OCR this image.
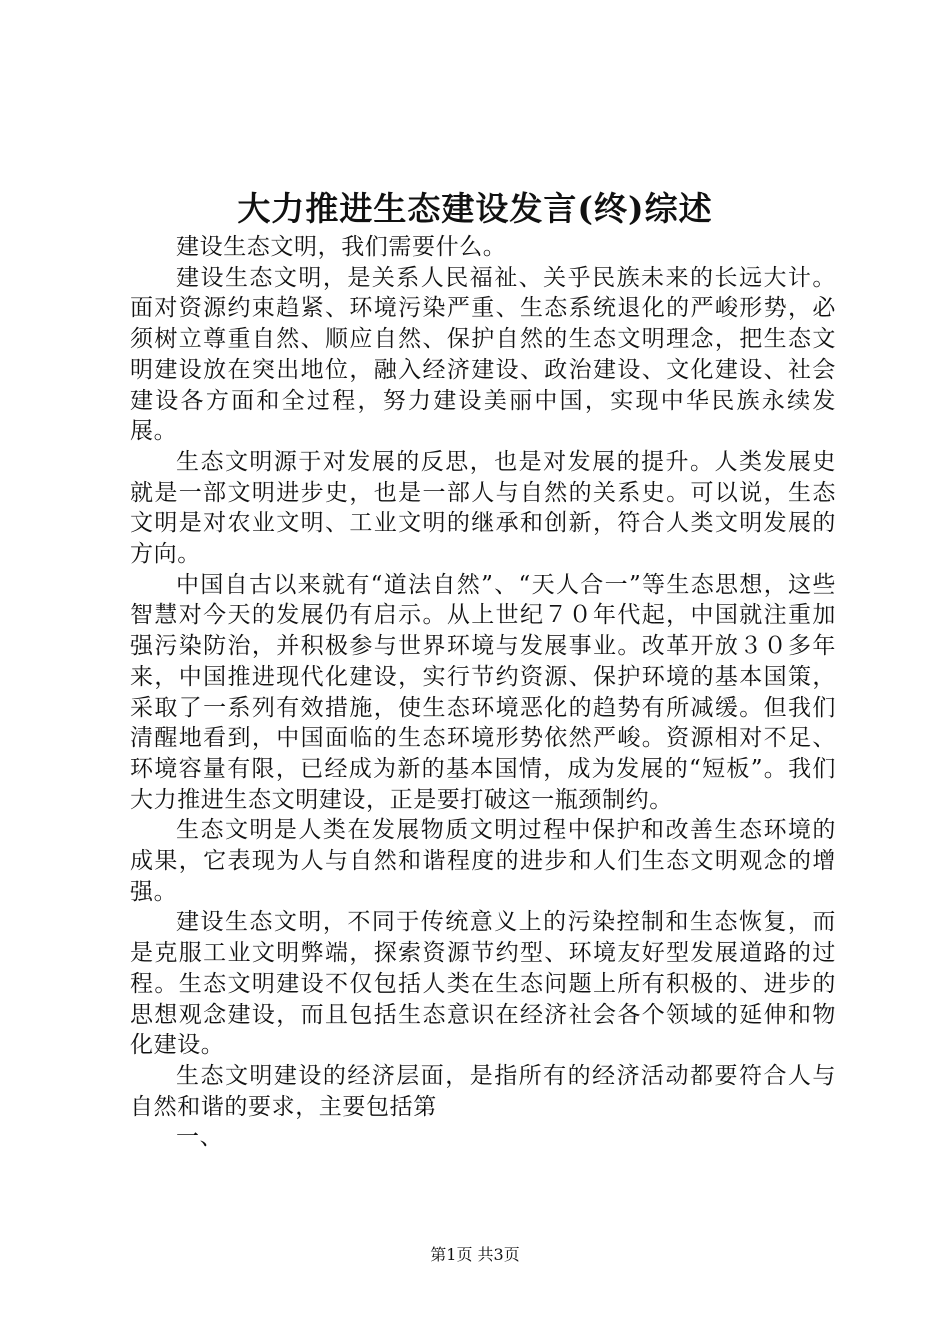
大力推进生态建设发言(终)综述

建设生态文明，我们需要什么。

建设生态文明，是关系人民福祉、关乎民族未来的长远大计。面对资源约束趋紧、环境污染严重、生态系统退化的严峻形势，必须树立尊重自然、顺应自然、保护自然的生态文明理念，把生态文明建设放在突出地位，融入经济建设、政治建设、文化建设、社会建设各方面和全过程，努力建设美丽中国，实现中华民族永续发展。

生态文明源于对发展的反思，也是对发展的提升。人类发展史就是一部文明进步史，也是一部人与自然的关系史。可以说，生态文明是对农业文明、工业文明的继承和创新，符合人类文明发展的方向。

中国自古以来就有“道法自然”、“天人合一”等生态思想，这些智慧对今天的发展仍有启示。从上世纪７０年代起，中国就注重加强污染防治，并积极参与世界环境与发展事业。改革开放３０多年来，中国推进现代化建设，实行节约资源、保护环境的基本国策，采取了一系列有效措施，使生态环境恶化的趋势有所减缓。但我们清醒地看到，中国面临的生态环境形势依然严峻。资源相对不足、环境容量有限，已经成为新的基本国情，成为发展的“短板”。我们大力推进生态文明建设，正是要打破这一瓶颈制约。

生态文明是人类在发展物质文明过程中保护和改善生态环境的成果，它表现为人与自然和谐程度的进步和人们生态文明观念的增强。

建设生态文明，不同于传统意义上的污染控制和生态恢复，而是克服工业文明弊端，探索资源节约型、环境友好型发展道路的过程。生态文明建设不仅包括人类在生态问题上所有积极的、进步的思想观念建设，而且包括生态意识在经济社会各个领域的延伸和物化建设。

生态文明建设的经济层面，是指所有的经济活动都要符合人与自然和谐的要求，主要包括第

一、

第1页 共3页
